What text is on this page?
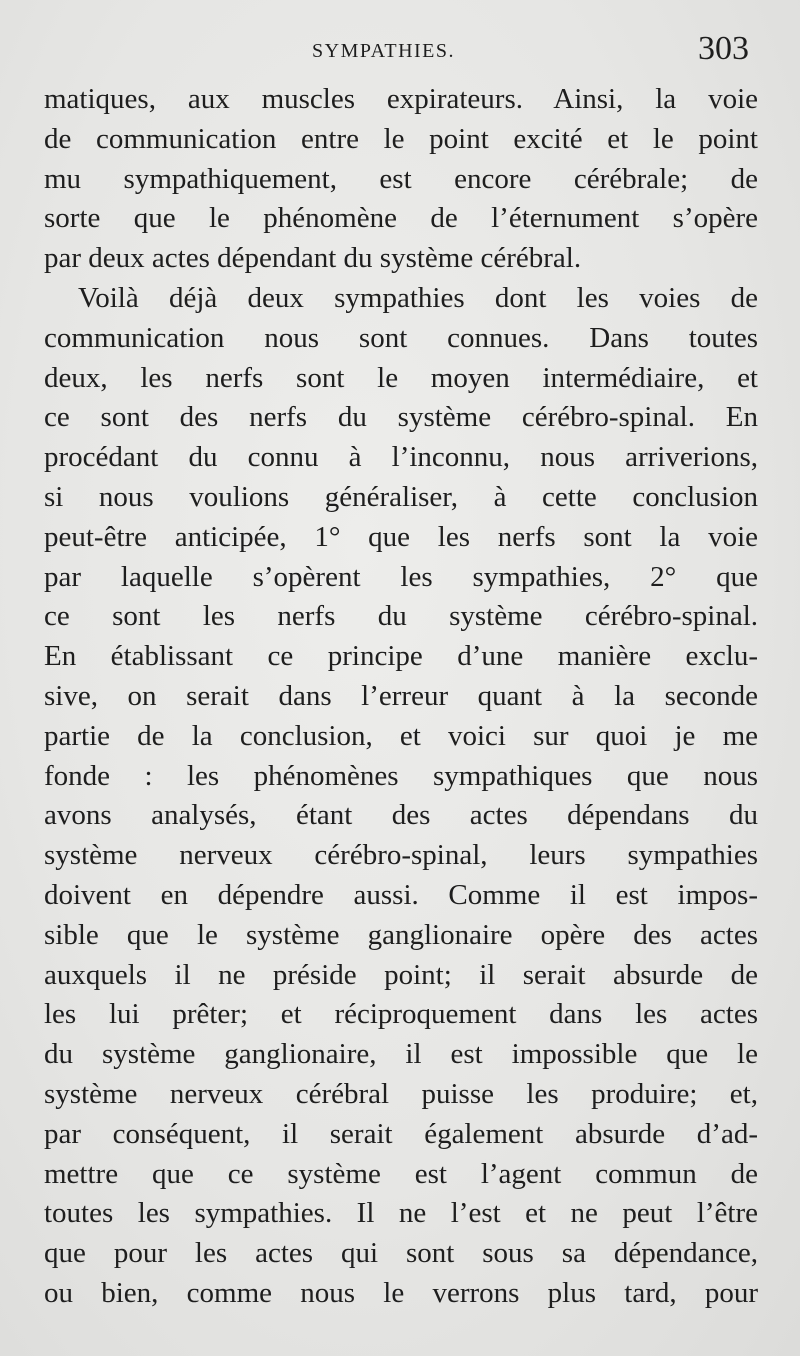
SYMPATHIES.	303
matiques, aux muscles expirateurs. Ainsi, la voie
de communication entre le point excité et le point
mu sympathiquement, est encore cérébrale; de
sorte que le phénomène de l’éternument s’opère
par deux actes dépendant du système cérébral.
Voilà déjà deux sympathies dont les voies de
communication nous sont connues. Dans toutes
deux, les nerfs sont le moyen intermédiaire, et
ce sont des nerfs du système cérébro-spinal. En
procédant du connu à l’inconnu, nous arriverions,
si nous voulions généraliser, à cette conclusion
peut-être anticipée, 1° que les nerfs sont la voie
par laquelle s’opèrent les sympathies, 2° que
ce sont les nerfs du système cérébro-spinal.
En établissant ce principe d’une manière exclu-
sive, on serait dans l’erreur quant à la seconde
partie de la conclusion, et voici sur quoi je me
fonde : les phénomènes sympathiques que nous
avons analysés, étant des actes dépendans du
système nerveux cérébro-spinal, leurs sympathies
doivent en dépendre aussi. Comme il est impos-
sible que le système ganglionaire opère des actes
auxquels il ne préside point; il serait absurde de
les lui prêter; et réciproquement dans les actes
du système ganglionaire, il est impossible que le
système nerveux cérébral puisse les produire; et,
par conséquent, il serait également absurde d’ad-
mettre que ce système est l’agent commun de
toutes les sympathies. Il ne l’est et ne peut l’être
que pour les actes qui sont sous sa dépendance,
ou bien, comme nous le verrons plus tard, pour
